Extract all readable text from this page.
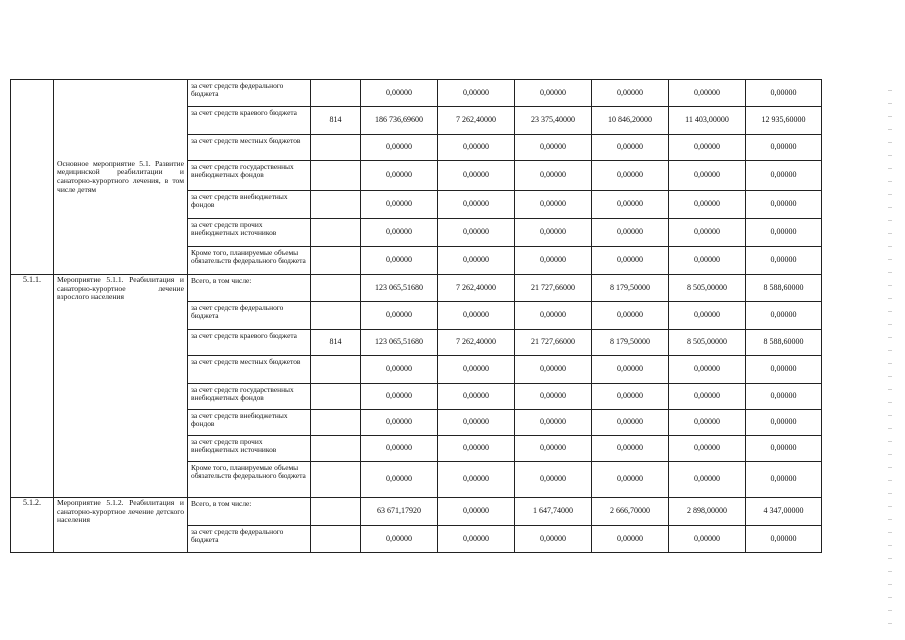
	Основное мероприятие 5.1. Развитие медицинской реабилитации и санаторно-курортного лечения, в том числе детям	за счет средств федерального бюджета		0,00000	0,00000	0,00000	0,00000	0,00000	0,00000
		за счет средств краевого бюджета	814	186 736,69600	7 262,40000	23 375,40000	10 846,20000	11 403,00000	12 935,60000
		за счет средств местных бюджетов		0,00000	0,00000	0,00000	0,00000	0,00000	0,00000
		за счет средств государственных внебюджетных фондов		0,00000	0,00000	0,00000	0,00000	0,00000	0,00000
		за счет средств внебюджетных фондов		0,00000	0,00000	0,00000	0,00000	0,00000	0,00000
		за счет средств прочих внебюджетных источников		0,00000	0,00000	0,00000	0,00000	0,00000	0,00000
		Кроме того, планируемые объемы обязательств федерального бюджета		0,00000	0,00000	0,00000	0,00000	0,00000	0,00000
5.1.1.	Мероприятие 5.1.1. Реабилитация и санаторно-курортное лечение взрослого населения	Всего, в том числе:		123 065,51680	7 262,40000	21 727,66000	8 179,50000	8 505,00000	8 588,60000
		за счет средств федерального бюджета		0,00000	0,00000	0,00000	0,00000	0,00000	0,00000
		за счет средств краевого бюджета	814	123 065,51680	7 262,40000	21 727,66000	8 179,50000	8 505,00000	8 588,60000
		за счет средств местных бюджетов		0,00000	0,00000	0,00000	0,00000	0,00000	0,00000
		за счет средств государственных внебюджетных фондов		0,00000	0,00000	0,00000	0,00000	0,00000	0,00000
		за счет средств внебюджетных фондов		0,00000	0,00000	0,00000	0,00000	0,00000	0,00000
		за счет средств прочих внебюджетных источников		0,00000	0,00000	0,00000	0,00000	0,00000	0,00000
		Кроме того, планируемые объемы обязательств федерального бюджета		0,00000	0,00000	0,00000	0,00000	0,00000	0,00000
5.1.2.	Мероприятие 5.1.2. Реабилитация и санаторно-курортное лечение детского населения	Всего, в том числе:		63 671,17920	0,00000	1 647,74000	2 666,70000	2 898,00000	4 347,00000
		за счет средств федерального бюджета		0,00000	0,00000	0,00000	0,00000	0,00000	0,00000
